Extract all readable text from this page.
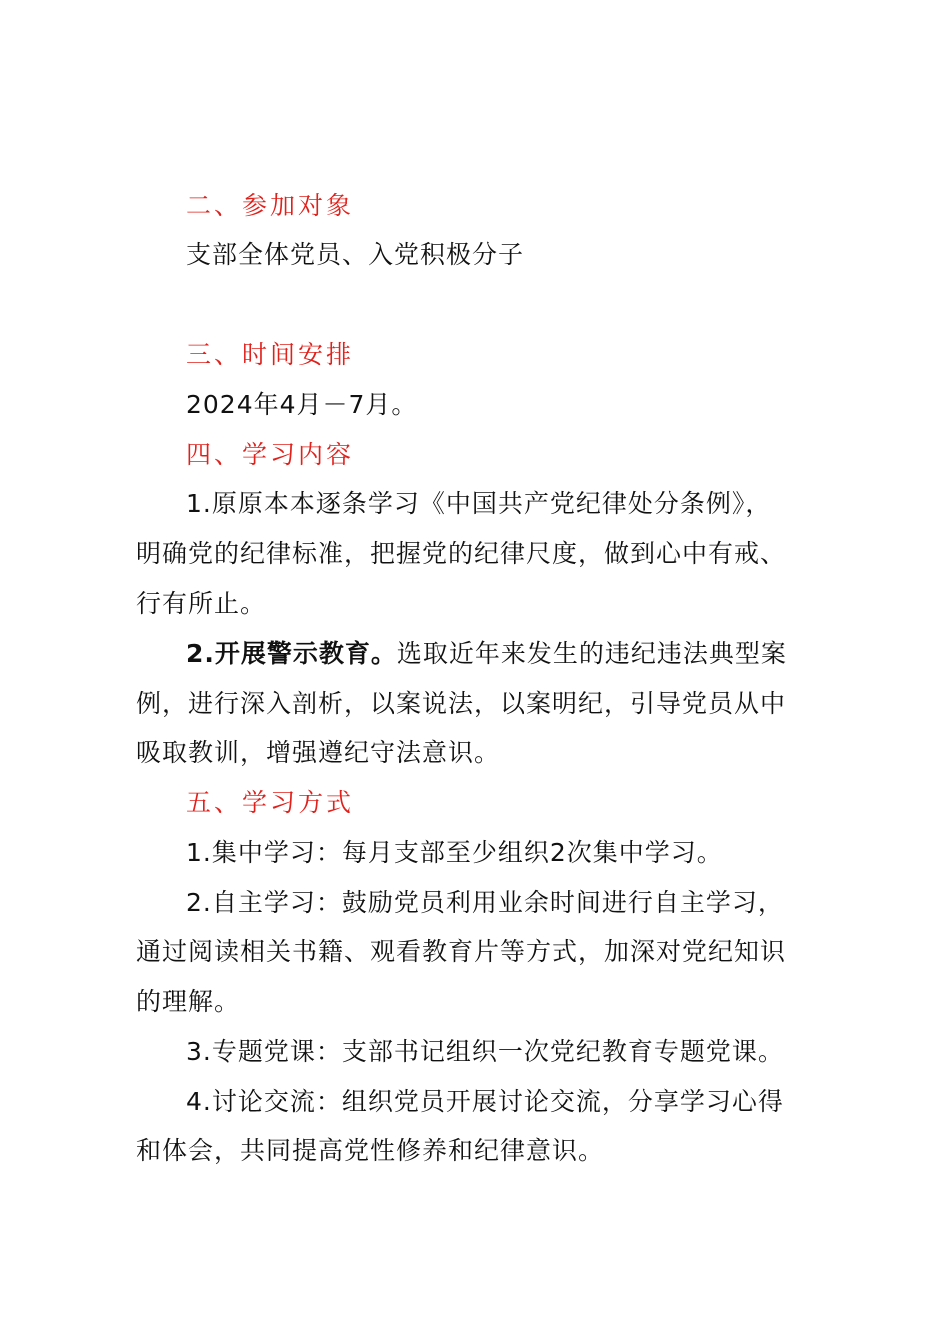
二、参加对象
支部全体党员、入党积极分子
三、时间安排
2024年4月－7月。
四、学习内容
1.原原本本逐条学习《中国共产党纪律处分条例》，
明确党的纪律标准，把握党的纪律尺度，做到心中有戒、
行有所止。
2.开展警示教育。选取近年来发生的违纪违法典型案
例，进行深入剖析，以案说法，以案明纪，引导党员从中
吸取教训，增强遵纪守法意识。
五、学习方式
1.集中学习：每月支部至少组织2次集中学习。
2.自主学习：鼓励党员利用业余时间进行自主学习，
通过阅读相关书籍、观看教育片等方式，加深对党纪知识
的理解。
3.专题党课：支部书记组织一次党纪教育专题党课。
4.讨论交流：组织党员开展讨论交流，分享学习心得
和体会，共同提高党性修养和纪律意识。
